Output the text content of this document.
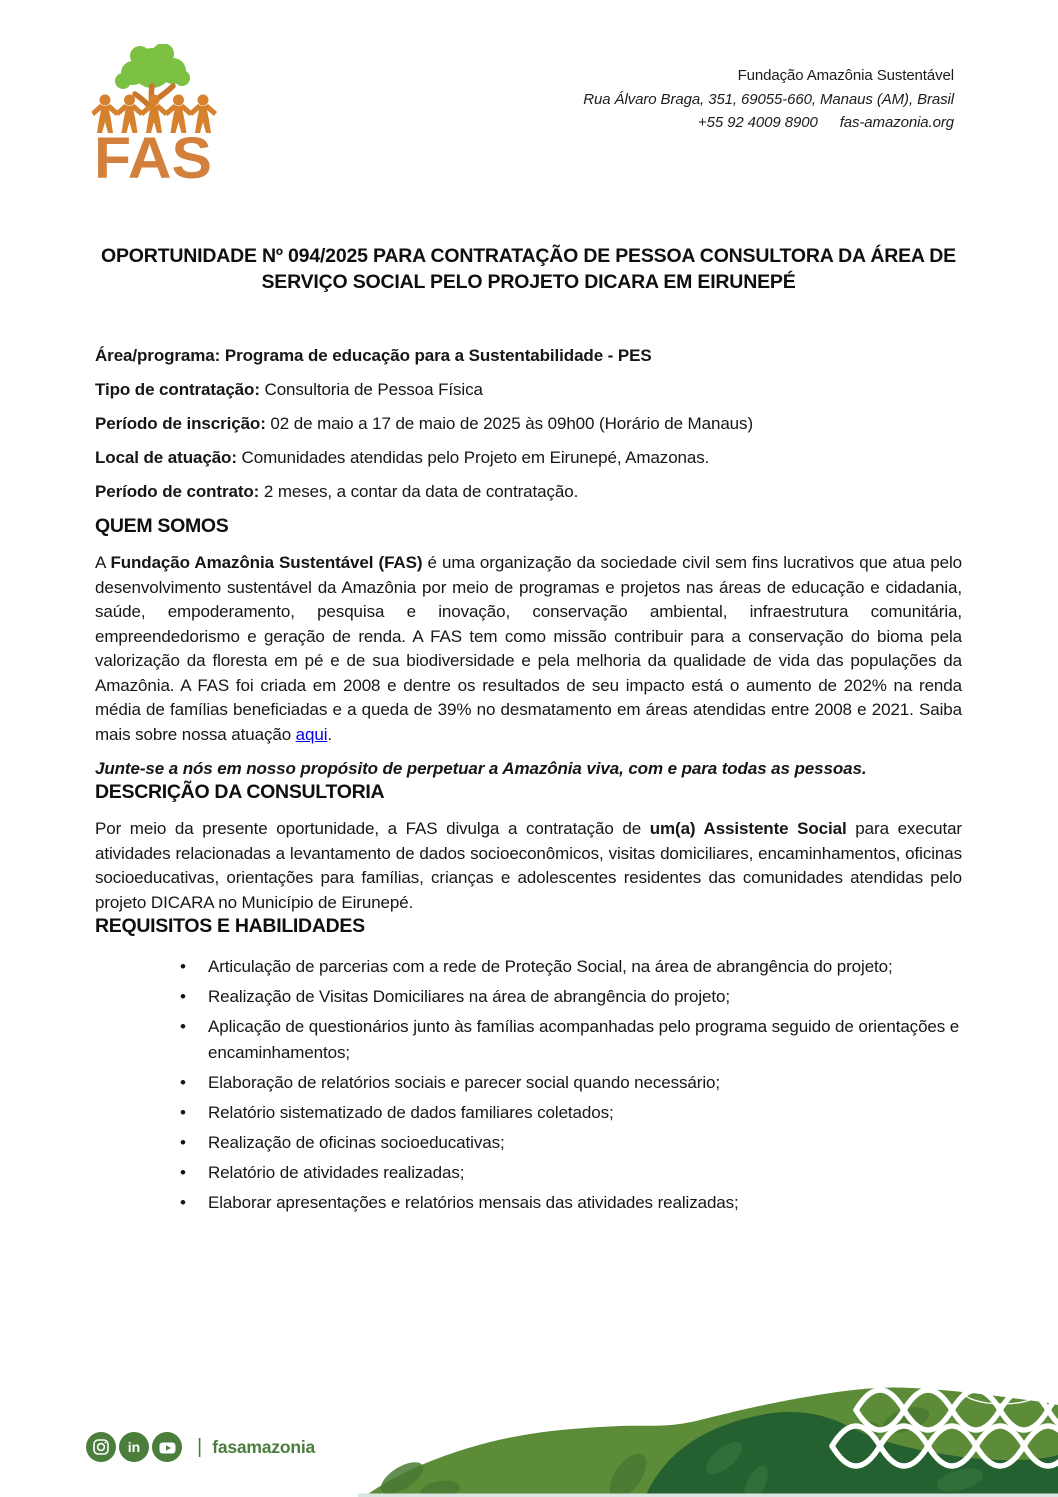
FAS
Fundação Amazônia Sustentável
Rua Álvaro Braga, 351, 69055-660, Manaus (AM), Brasil
+55 92 4009 8900 fas-amazonia.org
OPORTUNIDADE Nº 094/2025 PARA CONTRATAÇÃO DE PESSOA CONSULTORA DA ÁREA DE
SERVIÇO SOCIAL PELO PROJETO DICARA EM EIRUNEPÉ
Área/programa: Programa de educação para a Sustentabilidade - PES
Tipo de contratação: Consultoria de Pessoa Física
Período de inscrição: 02 de maio a 17 de maio de 2025 às 09h00 (Horário de Manaus)
Local de atuação: Comunidades atendidas pelo Projeto em Eirunepé, Amazonas.
Período de contrato: 2 meses, a contar da data de contratação.
QUEM SOMOS

A Fundação Amazônia Sustentável (FAS) é uma organização da sociedade civil sem fins lucrativos que atua pelo desenvolvimento sustentável da Amazônia por meio de programas e projetos nas áreas de educação e cidadania, saúde, empoderamento, pesquisa e inovação, conservação ambiental, infraestrutura comunitária, empreendedorismo e geração de renda. A FAS tem como missão contribuir para a conservação do bioma pela valorização da floresta em pé e de sua biodiversidade e pela melhoria da qualidade de vida das populações da Amazônia. A FAS foi criada em 2008 e dentre os resultados de seu impacto está o aumento de 202% na renda média de famílias beneficiadas e a queda de 39% no desmatamento em áreas atendidas entre 2008 e 2021. Saiba mais sobre nossa atuação aqui.

Junte-se a nós em nosso propósito de perpetuar a Amazônia viva, com e para todas as pessoas.

DESCRIÇÃO DA CONSULTORIA

Por meio da presente oportunidade, a FAS divulga a contratação de um(a) Assistente Social para executar atividades relacionadas a levantamento de dados socioeconômicos, visitas domiciliares, encaminhamentos, oficinas socioeducativas, orientações para famílias, crianças e adolescentes residentes das comunidades atendidas pelo projeto DICARA no Município de Eirunepé.

REQUISITOS E HABILIDADES
• Articulação de parcerias com a rede de Proteção Social, na área de abrangência do projeto;
• Realização de Visitas Domiciliares na área de abrangência do projeto;
• Aplicação de questionários junto às famílias acompanhadas pelo programa seguido de orientações e encaminhamentos;
• Elaboração de relatórios sociais e parecer social quando necessário;
• Relatório sistematizado de dados familiares coletados;
• Realização de oficinas socioeducativas;
• Relatório de atividades realizadas;
• Elaborar apresentações e relatórios mensais das atividades realizadas;
in	| fasamazonia
